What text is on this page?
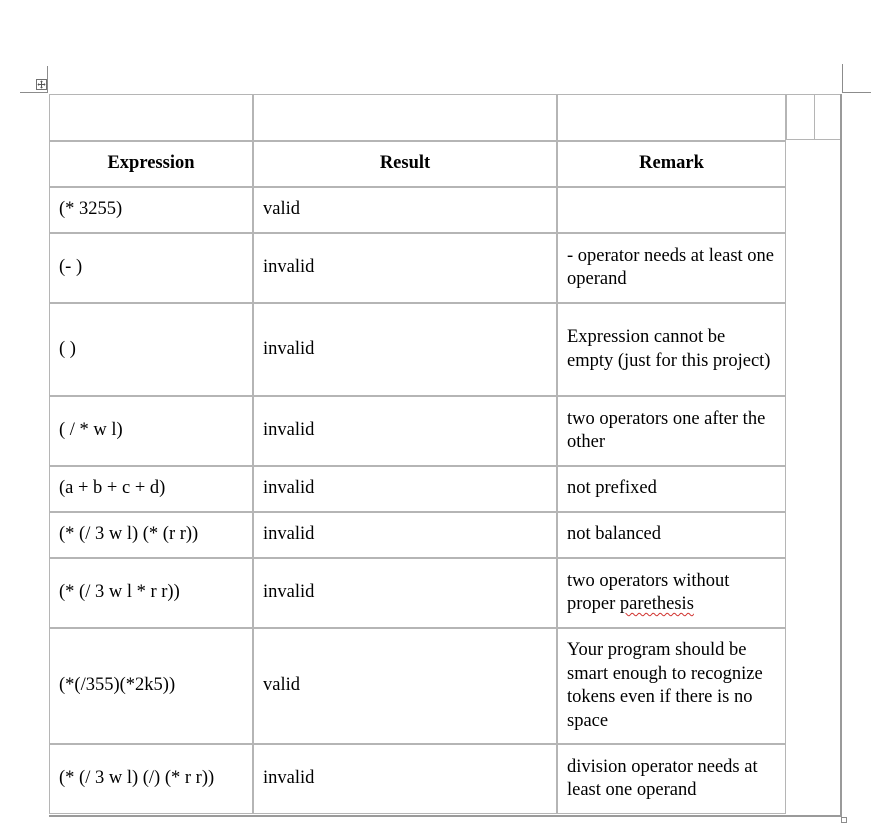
Expression	Result	Remark
(* 3255)	valid	
(- )	invalid	- operator needs at least one operand
( )	invalid	Expression cannot be empty (just for this project)
( / * w l)	invalid	two operators one after the other
(a + b + c + d)	invalid	not prefixed
(* (/ 3 w l) (* (r r))	invalid	not balanced
(* (/ 3 w l * r r))	invalid	two operators without proper parethesis
(*(/355)(*2k5))	valid	Your program should be smart enough to recognize tokens even if there is no space
(* (/ 3 w l) (/) (* r r))	invalid	division operator needs at least one operand
